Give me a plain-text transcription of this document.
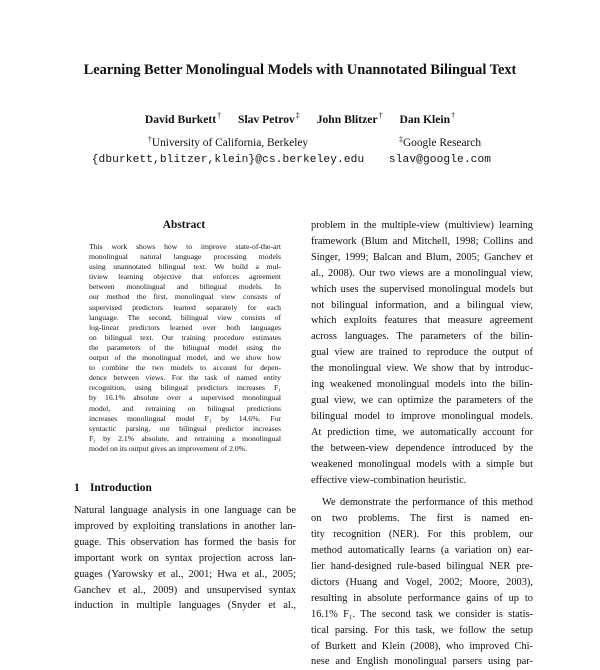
Learning Better Monolingual Models with Unannotated Bilingual Text
David Burkett† Slav Petrov‡ John Blitzer† Dan Klein†
†University of California, Berkeley
{dburkett,blitzer,klein}@cs.berkeley.edu
‡Google Research
slav@google.com
Abstract
This work shows how to improve state-of-the-art
monolingual natural language processing models
using unannotated bilingual text. We build a mul-
tiview learning objective that enforces agreement
between monolingual and bilingual models. In
our method the first, monolingual view consists of
supervised predictors learned separately for each
language. The second, bilingual view consists of
log-linear predictors learned over both languages
on bilingual text. Our training procedure estimates
the parameters of the bilingual model using the
output of the monolingual model, and we show how
to combine the two models to account for depen-
dence between views. For the task of named entity
recognition, using bilingual predictors increases F₁
by 16.1% absolute over a supervised monolingual
model, and retraining on bilingual predictions
increases monolingual model F₁ by 14.6%. For
syntactic parsing, our bilingual predictor increases
F₁ by 2.1% absolute, and retraining a monolingual
model on its output gives an improvement of 2.0%.
1 Introduction
Natural language analysis in one language can be
improved by exploiting translations in another lan-
guage. This observation has formed the basis for
important work on syntax projection across lan-
guages (Yarowsky et al., 2001; Hwa et al., 2005;
Ganchev et al., 2009) and unsupervised syntax
induction in multiple languages (Snyder et al.,
problem in the multiple-view (multiview) learning
framework (Blum and Mitchell, 1998; Collins and
Singer, 1999; Balcan and Blum, 2005; Ganchev et
al., 2008). Our two views are a monolingual view,
which uses the supervised monolingual models but
not bilingual information, and a bilingual view,
which exploits features that measure agreement
across languages. The parameters of the bilin-
gual view are trained to reproduce the output of
the monolingual view. We show that by introduc-
ing weakened monolingual models into the bilin-
gual view, we can optimize the parameters of the
bilingual model to improve monolingual models.
At prediction time, we automatically account for
the between-view dependence introduced by the
weakened monolingual models with a simple but
effective view-combination heuristic.
We demonstrate the performance of this method
on two problems. The first is named en-
tity recognition (NER). For this problem, our
method automatically learns (a variation on) ear-
lier hand-designed rule-based bilingual NER pre-
dictors (Huang and Vogel, 2002; Moore, 2003),
resulting in absolute performance gains of up to
16.1% F₁. The second task we consider is statis-
tical parsing. For this task, we follow the setup
of Burkett and Klein (2008), who improved Chi-
nese and English monolingual parsers using par-
